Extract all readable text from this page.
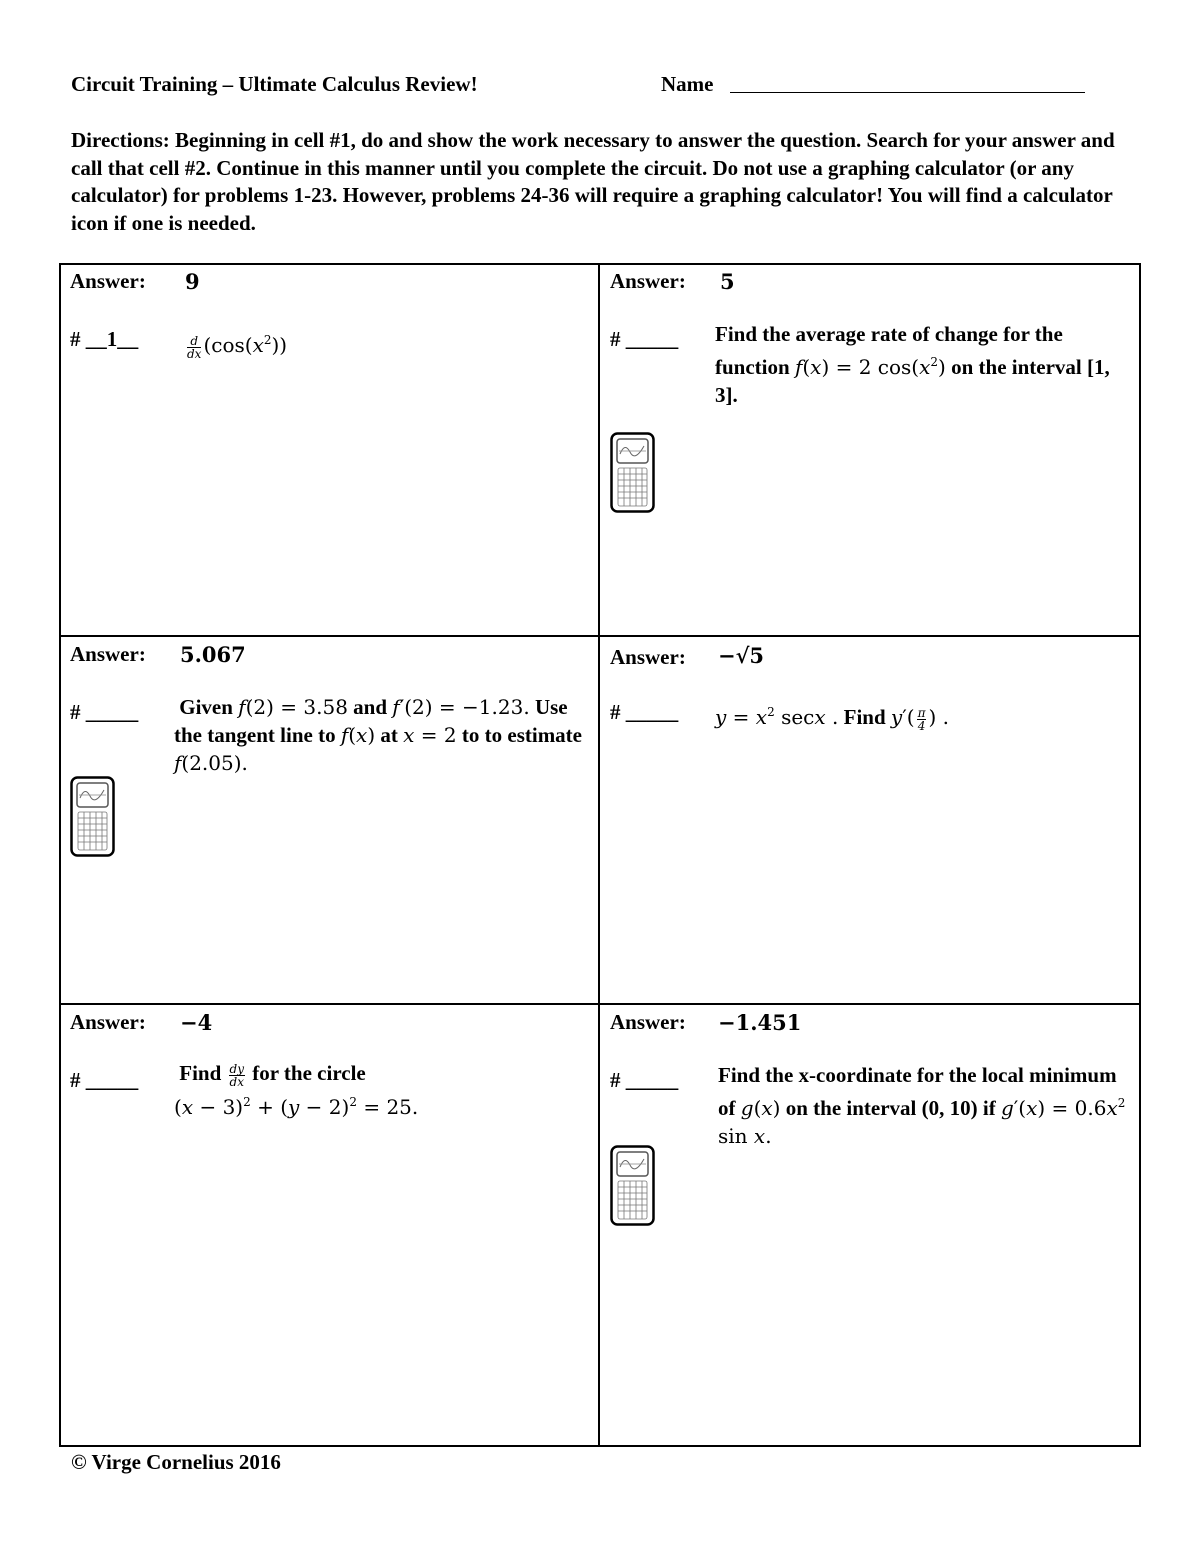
Circuit Training – Ultimate Calculus Review!	Name
Directions: Beginning in cell #1, do and show the work necessary to answer the question. Search for your answer and call that cell #2. Continue in this manner until you complete the circuit. Do not use a graphing calculator (or any calculator) for problems 1-23. However, problems 24-36 will require a graphing calculator! You will find a calculator icon if one is needed.
Answer: 9
# __1__	$\frac{d}{dx} (\cos(x^2))$
Answer: 5
# _____ Find the average rate of change for the function f(x) = 2 $\cos(x^2)$ on the interval [1, 3].
Answer: 5.067
# _____ Given f(2) = 3.58 and f′(2) = −1.23. Use the tangent line to f(x) at x = 2 to to estimate f(2.05).
Answer: −√5
# _____ $y = x^2$ secx . Find $y'( \frac{\pi}{4}$ ) .
Answer: −4
# _____ Find $\frac{dy}{dx}$ for the circle
$(x - 3)^2 + (y - 2)^2 = 25$.
Answer: −1.451
# _____ Find the x-coordinate for the local minimum of g(x) on the interval (0, 10) if $g'(x) = 0.6x^2$ sin x.
© Virge Cornelius 2016
